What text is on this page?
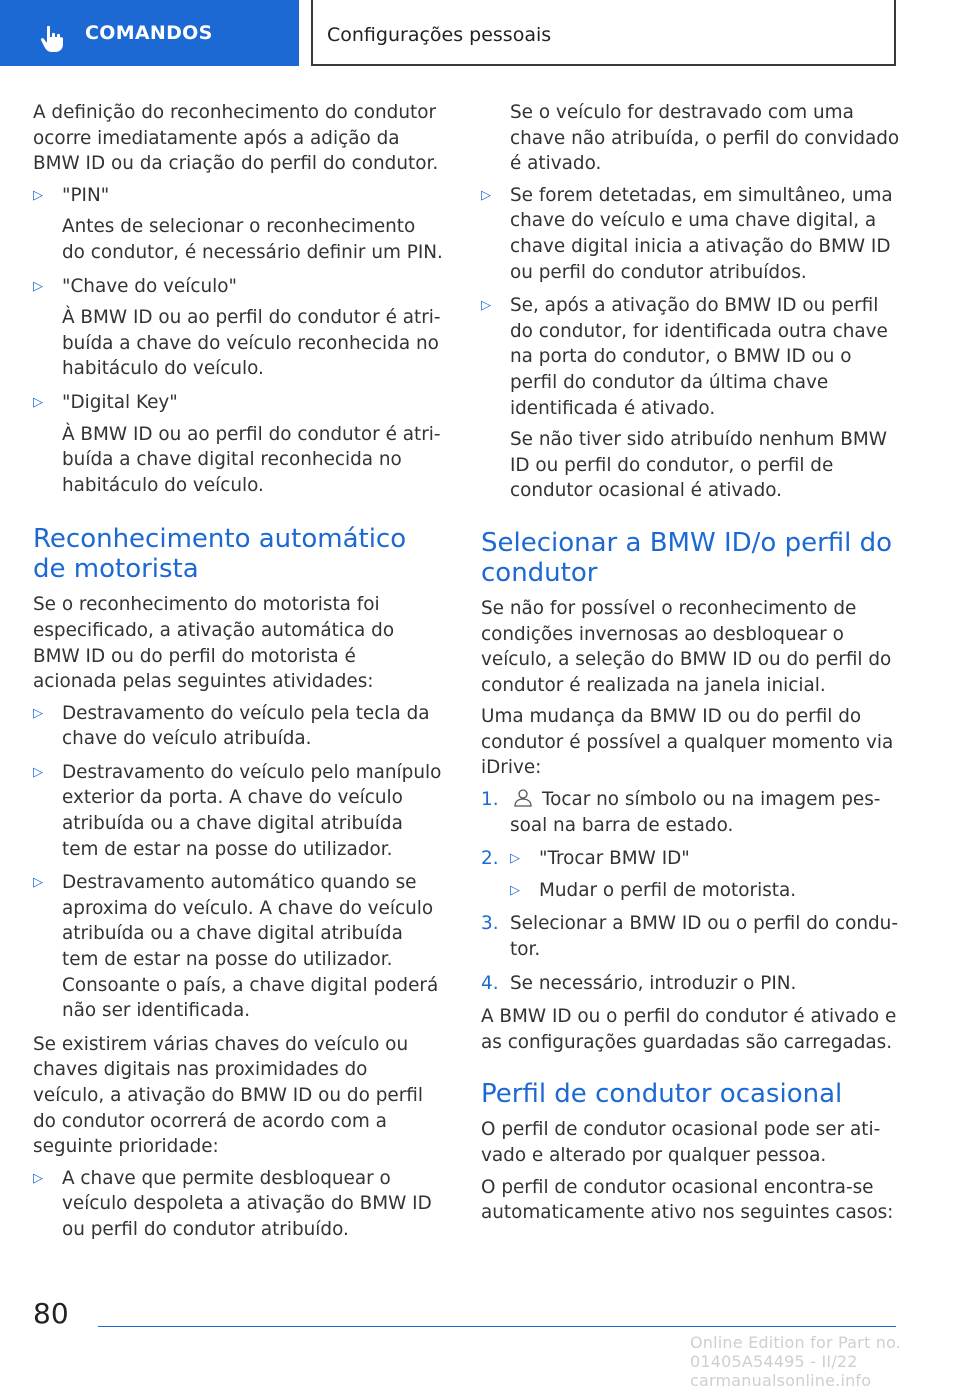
COMANDOS	Configurações pessoais

A definição do reconhecimento do condutor ocorre imediatamente após a adição da BMW ID ou da criação do perfil do condutor.

▷ "PIN"
Antes de selecionar o reconhecimento do condutor, é necessário definir um PIN.
▷ "Chave do veículo"
À BMW ID ou ao perfil do condutor é atribuída a chave do veículo reconhecida no habitáculo do veículo.
▷ "Digital Key"
À BMW ID ou ao perfil do condutor é atribuída a chave digital reconhecida no habitáculo do veículo.
Reconhecimento automático de motorista

Se o reconhecimento do motorista foi especificado, a ativação automática do BMW ID ou do perfil do motorista é acionada pelas seguintes atividades:

▷ Destravamento do veículo pela tecla da chave do veículo atribuída.
▷ Destravamento do veículo pelo manípulo exterior da porta. A chave do veículo atribuída ou a chave digital atribuída tem de estar na posse do utilizador.
▷ Destravamento automático quando se aproxima do veículo. A chave do veículo atribuída ou a chave digital atribuída tem de estar na posse do utilizador. Consoante o país, a chave digital poderá não ser identificada.

Se existirem várias chaves do veículo ou chaves digitais nas proximidades do veículo, a ativação do BMW ID ou do perfil do condutor ocorrerá de acordo com a seguinte prioridade:

▷ A chave que permite desbloquear o veículo despoleta a ativação do BMW ID ou perfil do condutor atribuído.

Se o veículo for destravado com uma chave não atribuída, o perfil do convidado é ativado.

▷ Se forem detetadas, em simultâneo, uma chave do veículo e uma chave digital, a chave digital inicia a ativação do BMW ID ou perfil do condutor atribuídos.
▷ Se, após a ativação do BMW ID ou perfil do condutor, for identificada outra chave na porta do condutor, o BMW ID ou o perfil do condutor da última chave identificada é ativado.
Se não tiver sido atribuído nenhum BMW ID ou perfil do condutor, o perfil de condutor ocasional é ativado.
Selecionar a BMW ID/o perfil do condutor

Se não for possível o reconhecimento de condições invernosas ao desbloquear o veículo, a seleção do BMW ID ou do perfil do condutor é realizada na janela inicial.

Uma mudança da BMW ID ou do perfil do condutor é possível a qualquer momento via iDrive:

1. Tocar no símbolo ou na imagem pessoal na barra de estado.
2. ▷ "Trocar BMW ID"
▷ Mudar o perfil de motorista.
3. Selecionar a BMW ID ou o perfil do condutor.
4. Se necessário, introduzir o PIN.

A BMW ID ou o perfil do condutor é ativado e as configurações guardadas são carregadas.

Perfil de condutor ocasional

O perfil de condutor ocasional pode ser ativado e alterado por qualquer pessoa.

O perfil de condutor ocasional encontra-se automaticamente ativo nos seguintes casos:

80
Online Edition for Part no. 01405A54495 - II/22 carmanualsonline.info
